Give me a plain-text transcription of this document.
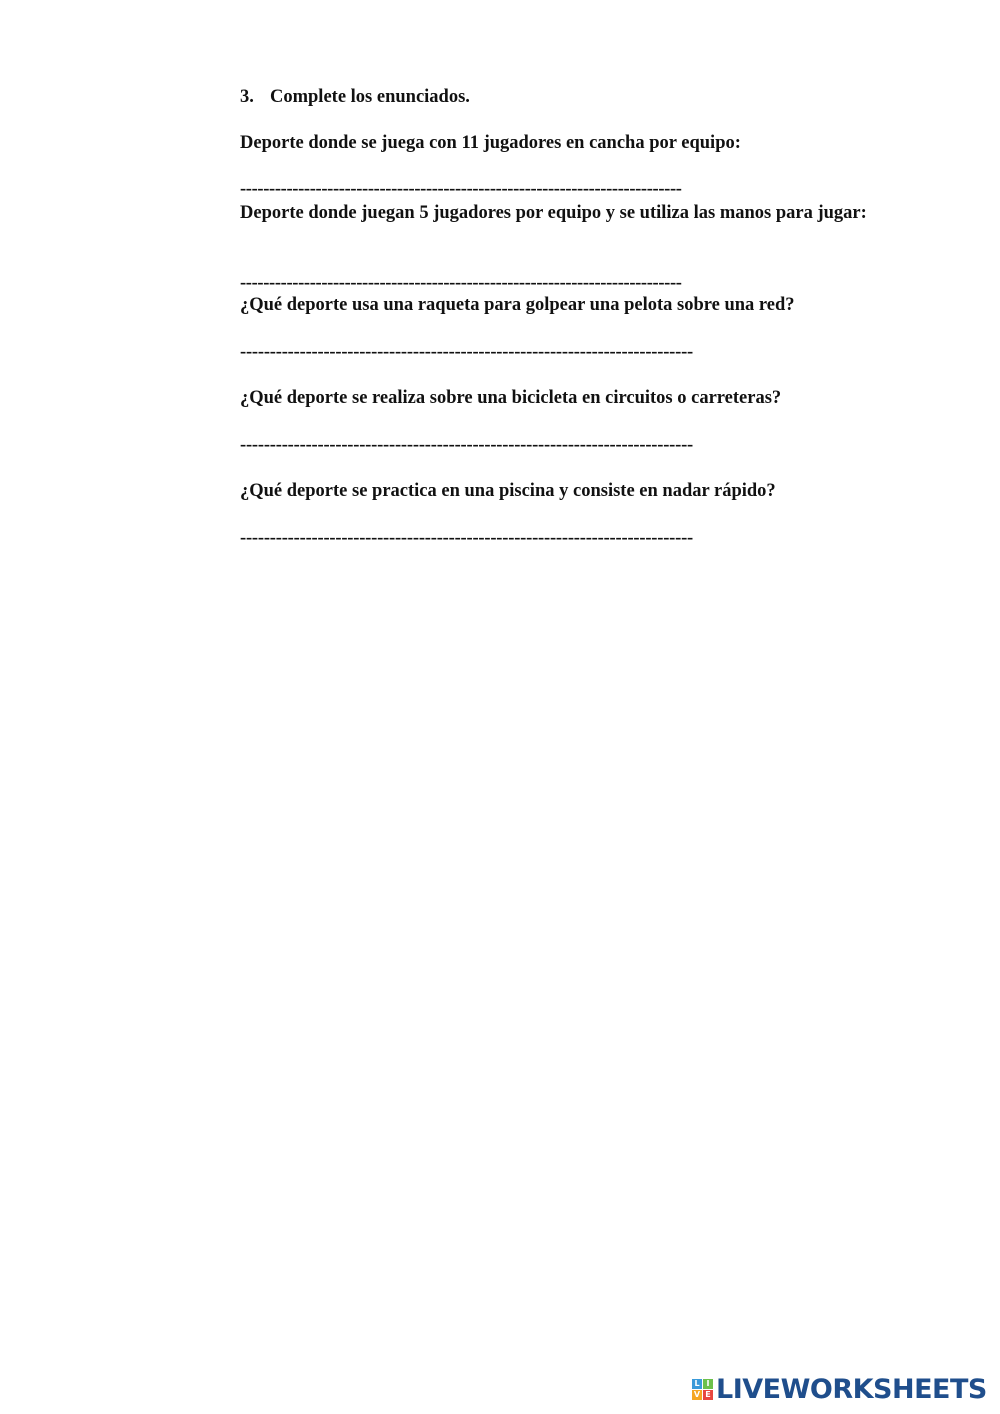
3. Complete los enunciados.
Deporte donde se juega con 11 jugadores en cancha por equipo:
----------------------------------------------------------------------------
Deporte donde juegan 5 jugadores por equipo y se utiliza las manos para jugar:
----------------------------------------------------------------------------
¿Qué deporte usa una raqueta para golpear una pelota sobre una red?
----------------------------------------------------------------------------
¿Qué deporte se realiza sobre una bicicleta en circuitos o carreteras?
----------------------------------------------------------------------------
¿Qué deporte se practica en una piscina y consiste en nadar rápido?
----------------------------------------------------------------------------
L I
V E LIVEWORKSHEETS
